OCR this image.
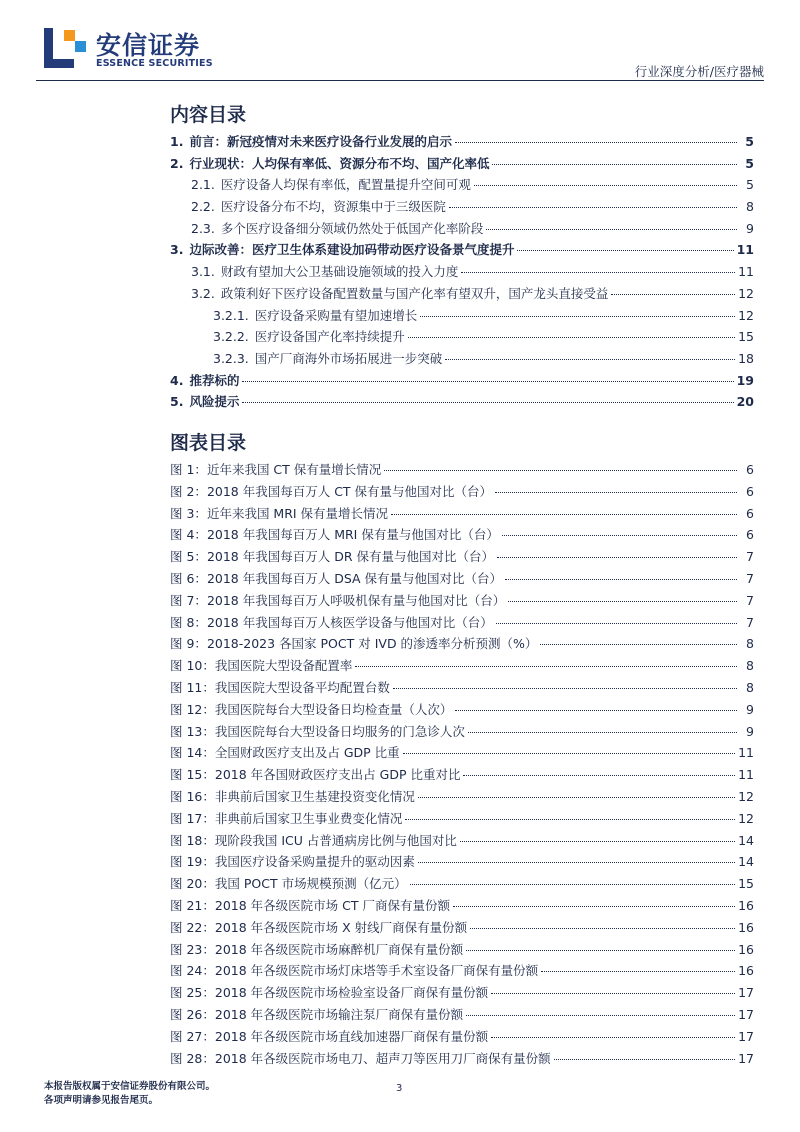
安信证券
ESSENCE SECURITIES
行业深度分析/医疗器械
内容目录
1. 前言：新冠疫情对未来医疗设备行业发展的启示	5
2. 行业现状：人均保有率低、资源分布不均、国产化率低	5
2.1. 医疗设备人均保有率低，配置量提升空间可观	5
2.2. 医疗设备分布不均，资源集中于三级医院	8
2.3. 多个医疗设备细分领域仍然处于低国产化率阶段	9
3. 边际改善：医疗卫生体系建设加码带动医疗设备景气度提升	11
3.1. 财政有望加大公卫基础设施领域的投入力度	11
3.2. 政策利好下医疗设备配置数量与国产化率有望双升，国产龙头直接受益	12
3.2.1. 医疗设备采购量有望加速增长	12
3.2.2. 医疗设备国产化率持续提升	15
3.2.3. 国产厂商海外市场拓展进一步突破	18
4. 推荐标的	19
5. 风险提示	20
图表目录
图 1： 近年来我国 CT 保有量增长情况	6
图 2： 2018 年我国每百万人 CT 保有量与他国对比（台）	6
图 3： 近年来我国 MRI 保有量增长情况	6
图 4： 2018 年我国每百万人 MRI 保有量与他国对比（台）	6
图 5： 2018 年我国每百万人 DR 保有量与他国对比（台）	7
图 6： 2018 年我国每百万人 DSA 保有量与他国对比（台）	7
图 7： 2018 年我国每百万人呼吸机保有量与他国对比（台）	7
图 8： 2018 年我国每百万人核医学设备与他国对比（台）	7
图 9： 2018-2023 各国家 POCT 对 IVD 的渗透率分析预测（%）	8
图 10： 我国医院大型设备配置率	8
图 11： 我国医院大型设备平均配置台数	8
图 12： 我国医院每台大型设备日均检查量（人次）	9
图 13： 我国医院每台大型设备日均服务的门急诊人次	9
图 14： 全国财政医疗支出及占 GDP 比重	11
图 15： 2018 年各国财政医疗支出占 GDP 比重对比	11
图 16： 非典前后国家卫生基建投资变化情况	12
图 17： 非典前后国家卫生事业费变化情况	12
图 18： 现阶段我国 ICU 占普通病房比例与他国对比	14
图 19： 我国医疗设备采购量提升的驱动因素	14
图 20： 我国 POCT 市场规模预测（亿元）	15
图 21： 2018 年各级医院市场 CT 厂商保有量份额	16
图 22： 2018 年各级医院市场 X 射线厂商保有量份额	16
图 23： 2018 年各级医院市场麻醉机厂商保有量份额	16
图 24： 2018 年各级医院市场灯床塔等手术室设备厂商保有量份额	16
图 25： 2018 年各级医院市场检验室设备厂商保有量份额	17
图 26： 2018 年各级医院市场输注泵厂商保有量份额	17
图 27： 2018 年各级医院市场直线加速器厂商保有量份额	17
图 28： 2018 年各级医院市场电刀、超声刀等医用刀厂商保有量份额	17
本报告版权属于安信证券股份有限公司。
各项声明请参见报告尾页。
3
